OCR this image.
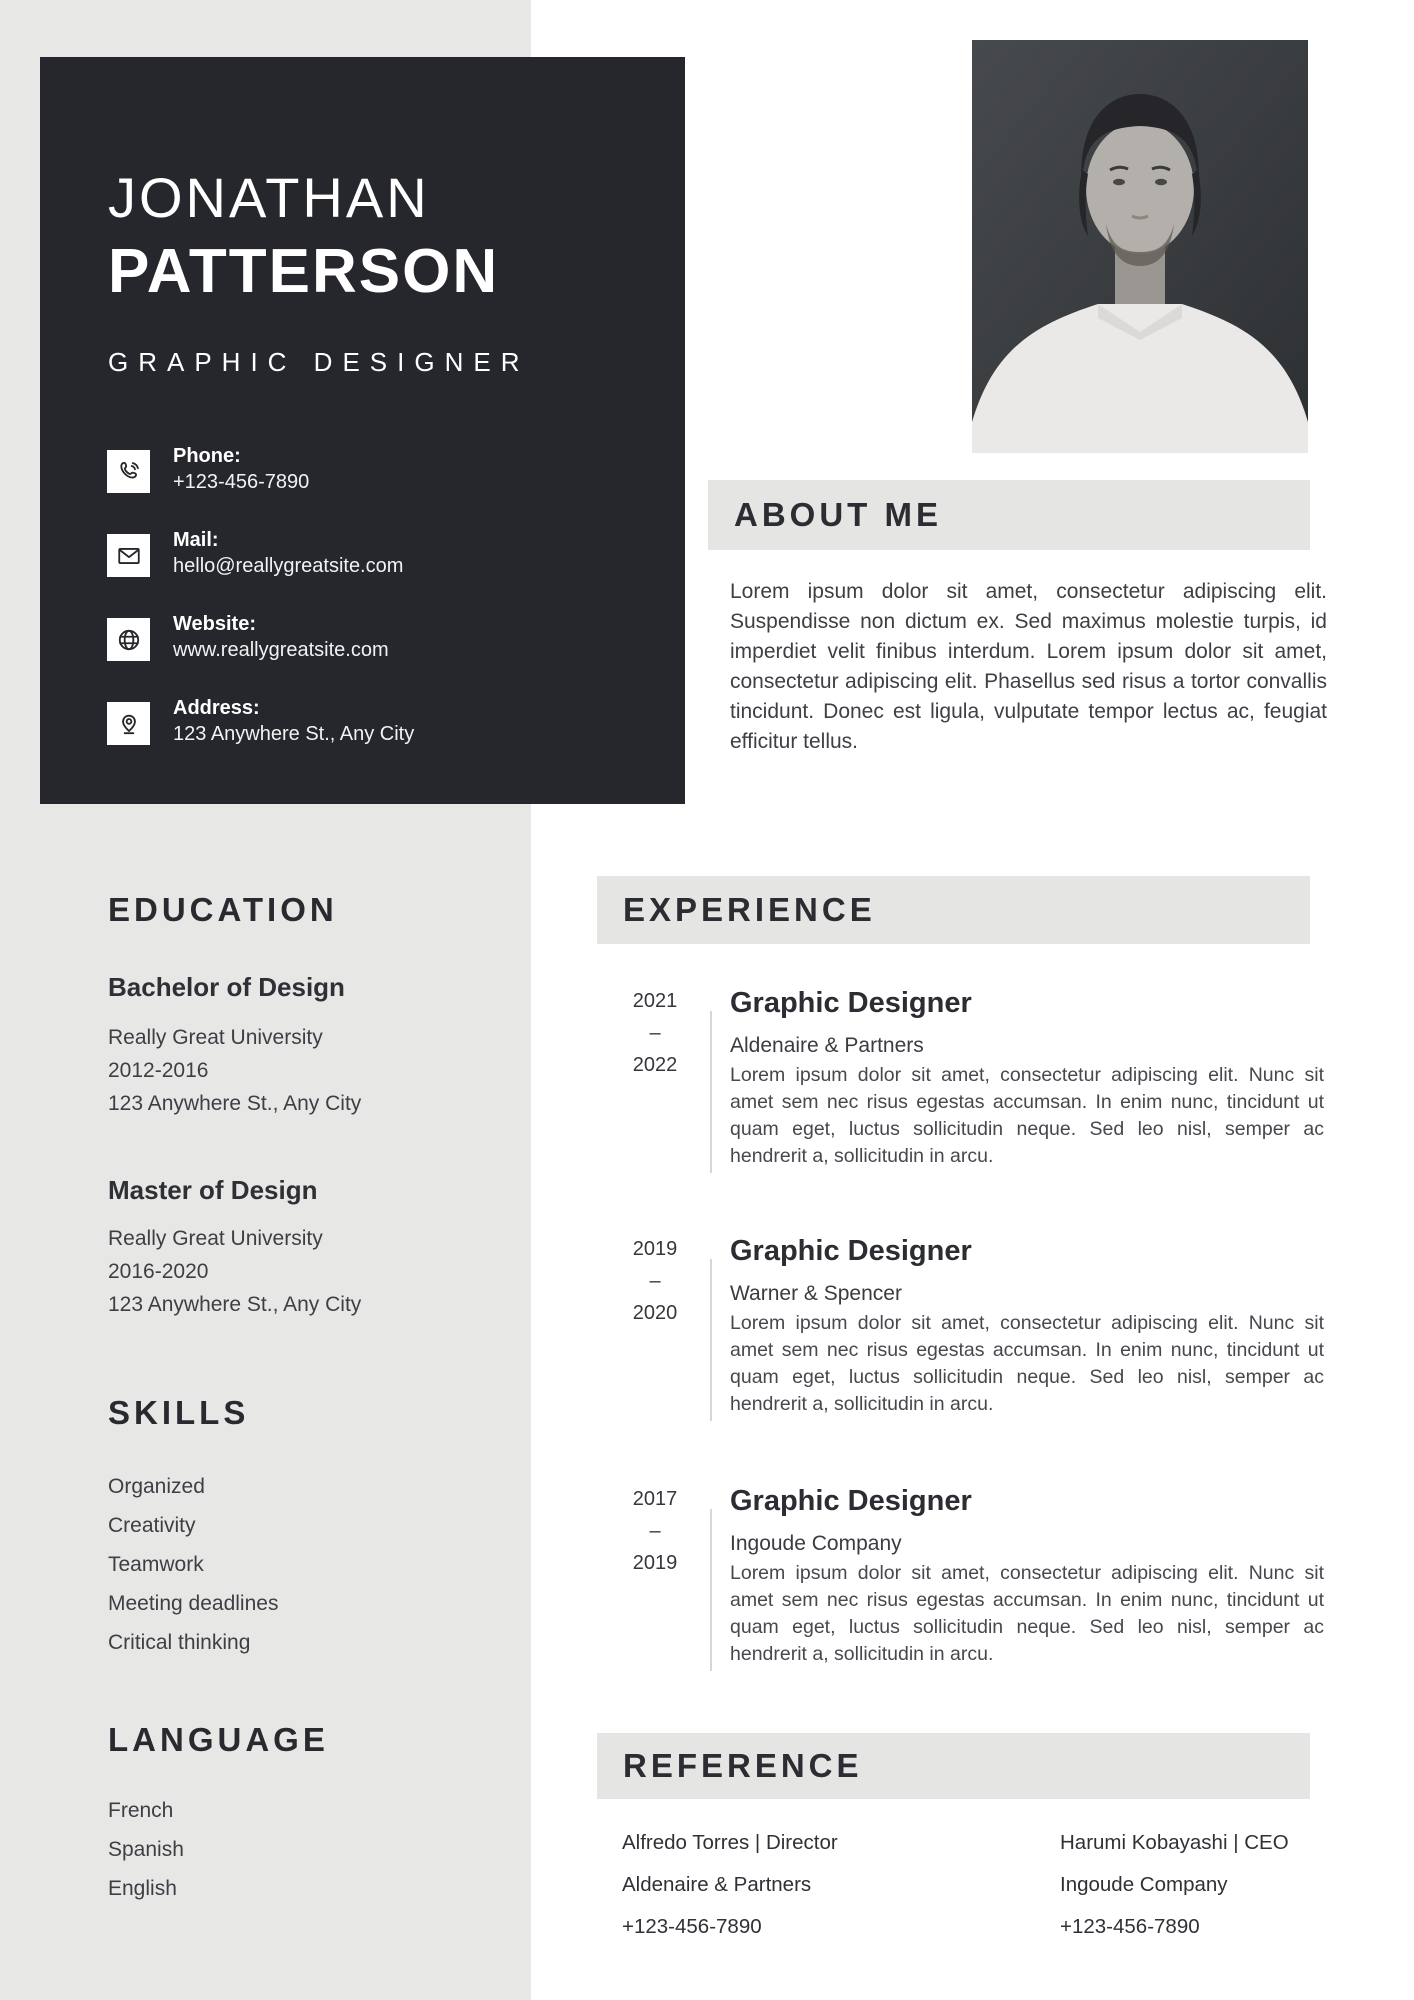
JONATHAN
PATTERSON
GRAPHIC DESIGNER
Phone:
+123-456-7890
Mail:
hello@reallygreatsite.com
Website:
www.reallygreatsite.com
Address:
123 Anywhere St., Any City
ABOUT ME
Lorem ipsum dolor sit amet, consectetur adipiscing elit. Suspendisse non dictum ex. Sed maximus molestie turpis, id imperdiet velit finibus interdum. Lorem ipsum dolor sit amet, consectetur adipiscing elit. Phasellus sed risus a tortor convallis tincidunt. Donec est ligula, vulputate tempor lectus ac, feugiat efficitur tellus.
EDUCATION
Bachelor of Design
Really Great University
2012-2016
123 Anywhere St., Any City
Master of Design
Really Great University
2016-2020
123 Anywhere St., Any City
SKILLS
Organized
Creativity
Teamwork
Meeting deadlines
Critical thinking
LANGUAGE
French
Spanish
English
EXPERIENCE
2021
–
2022
Graphic Designer
Aldenaire & Partners
Lorem ipsum dolor sit amet, consectetur adipiscing elit. Nunc sit amet sem nec risus egestas accumsan. In enim nunc, tincidunt ut quam eget, luctus sollicitudin neque. Sed leo nisl, semper ac hendrerit a, sollicitudin in arcu.
2019
–
2020
Graphic Designer
Warner & Spencer
Lorem ipsum dolor sit amet, consectetur adipiscing elit. Nunc sit amet sem nec risus egestas accumsan. In enim nunc, tincidunt ut quam eget, luctus sollicitudin neque. Sed leo nisl, semper ac hendrerit a, sollicitudin in arcu.
2017
–
2019
Graphic Designer
Ingoude Company
Lorem ipsum dolor sit amet, consectetur adipiscing elit. Nunc sit amet sem nec risus egestas accumsan. In enim nunc, tincidunt ut quam eget, luctus sollicitudin neque. Sed leo nisl, semper ac hendrerit a, sollicitudin in arcu.
REFERENCE
Alfredo Torres | Director
Aldenaire & Partners
+123-456-7890
Harumi Kobayashi | CEO
Ingoude Company
+123-456-7890
